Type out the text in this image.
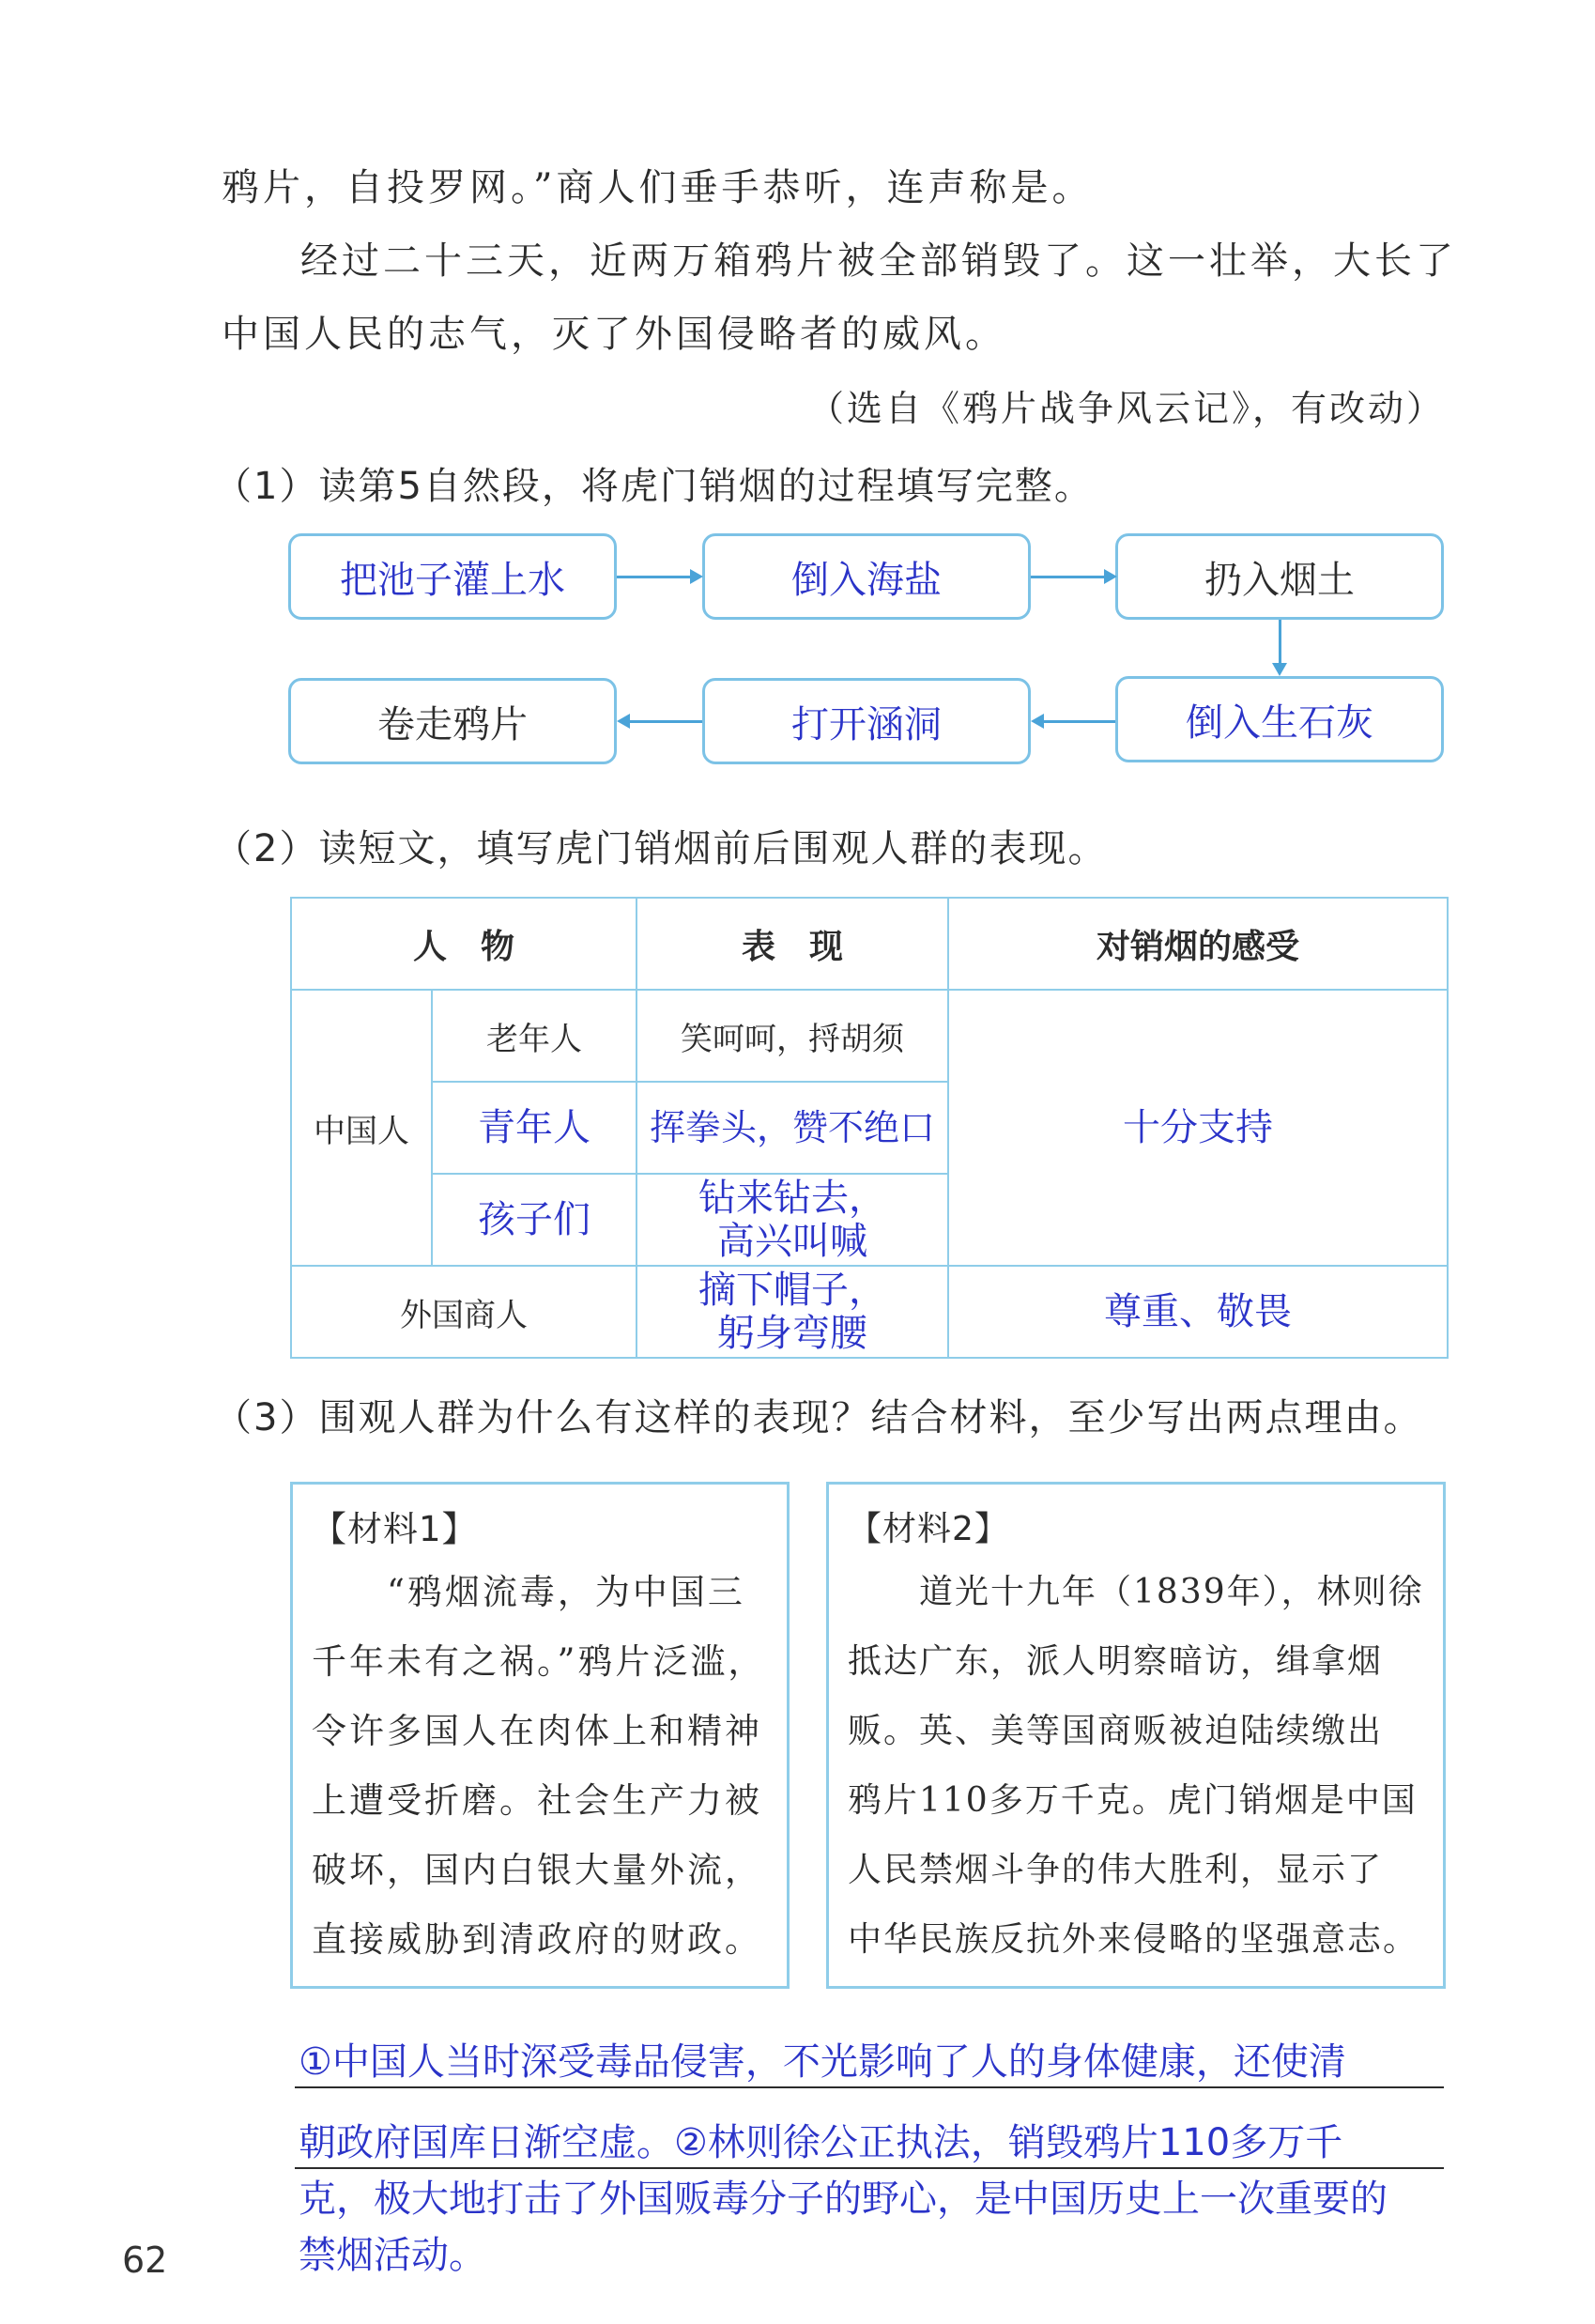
鸦片，自投罗网。”商人们垂手恭听，连声称是。

经过二十三天，近两万箱鸦片被全部销毁了。这一壮举，大长了

中国人民的志气，灭了外国侵略者的威风。

（选自《鸦片战争风云记》，有改动）
（1）读第5自然段，将虎门销烟的过程填写完整。
把池子灌上水	倒入海盐	扔入烟土
倒入生石灰
打开涵洞
卷走鸦片
（2）读短文，填写虎门销烟前后围观人群的表现。
人　物		表　现	对销烟的感受
中国人	老年人	笑呵呵，捋胡须	十分支持
	青年人	挥拳头，赞不绝口	
	孩子们	钻来钻去，
高兴叫喊	

外国商人		摘下帽子，
躬身弯腰	尊重、敬畏
（3）围观人群为什么有这样的表现？结合材料，至少写出两点理由。
【材料1】
“鸦烟流毒，为中国三
千年未有之祸。”鸦片泛滥，
令许多国人在肉体上和精神
上遭受折磨。社会生产力被
破坏，国内白银大量外流，
直接威胁到清政府的财政。
【材料2】
道光十九年（1839年），林则徐
抵达广东，派人明察暗访，缉拿烟
贩。英、美等国商贩被迫陆续缴出
鸦片110多万千克。虎门销烟是中国
人民禁烟斗争的伟大胜利，显示了
中华民族反抗外来侵略的坚强意志。
①中国人当时深受毒品侵害，不光影响了人的身体健康，还使清
朝政府国库日渐空虚。②林则徐公正执法，销毁鸦片110多万千
克，极大地打击了外国贩毒分子的野心，是中国历史上一次重要的
禁烟活动。
62
